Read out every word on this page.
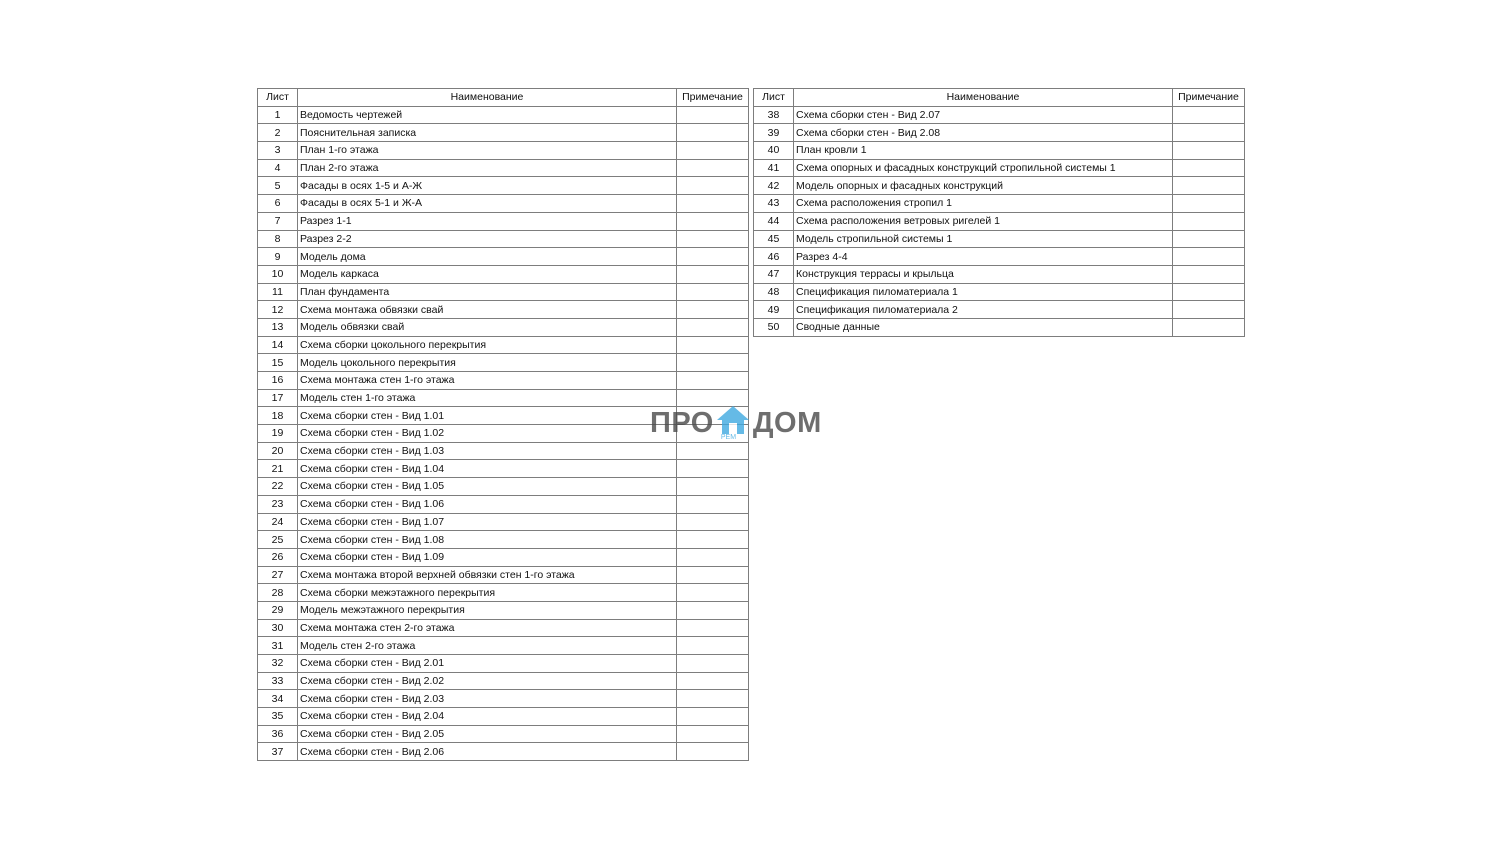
Лист	Наименование	Примечание
1	Ведомость чертежей	
2	Пояснительная записка	
3	План 1-го этажа	
4	План 2-го этажа	
5	Фасады в осях 1-5 и А-Ж	
6	Фасады в осях 5-1 и Ж-А	
7	Разрез 1-1	
8	Разрез 2-2	
9	Модель дома	
10	Модель каркаса	
11	План фундамента	
12	Схема монтажа обвязки свай	
13	Модель обвязки свай	
14	Схема сборки цокольного перекрытия	
15	Модель цокольного перекрытия	
16	Схема монтажа стен 1-го этажа	
17	Модель стен 1-го этажа	
18	Схема сборки стен - Вид 1.01	
19	Схема сборки стен - Вид 1.02	
20	Схема сборки стен - Вид 1.03	
21	Схема сборки стен - Вид 1.04	
22	Схема сборки стен - Вид 1.05	
23	Схема сборки стен - Вид 1.06	
24	Схема сборки стен - Вид 1.07	
25	Схема сборки стен - Вид 1.08	
26	Схема сборки стен - Вид 1.09	
27	Схема монтажа второй верхней обвязки стен 1-го этажа	
28	Схема сборки межэтажного перекрытия	
29	Модель межэтажного перекрытия	
30	Схема монтажа стен 2-го этажа	
31	Модель стен 2-го этажа	
32	Схема сборки стен - Вид 2.01	
33	Схема сборки стен - Вид 2.02	
34	Схема сборки стен - Вид 2.03	
35	Схема сборки стен - Вид 2.04	
36	Схема сборки стен - Вид 2.05	
37	Схема сборки стен - Вид 2.06	
Лист	Наименование	Примечание
38	Схема сборки стен - Вид 2.07	
39	Схема сборки стен - Вид 2.08	
40	План кровли 1	
41	Схема опорных и фасадных конструкций стропильной системы 1	
42	Модель опорных и фасадных конструкций	
43	Схема расположения стропил 1	
44	Схема расположения ветровых ригелей 1	
45	Модель стропильной системы 1	
46	Разрез 4-4	
47	Конструкция террасы и крыльца	
48	Спецификация пиломатериала 1	
49	Спецификация пиломатериала 2	
50	Сводные данные	
ПРО РЕМ ДОМ
